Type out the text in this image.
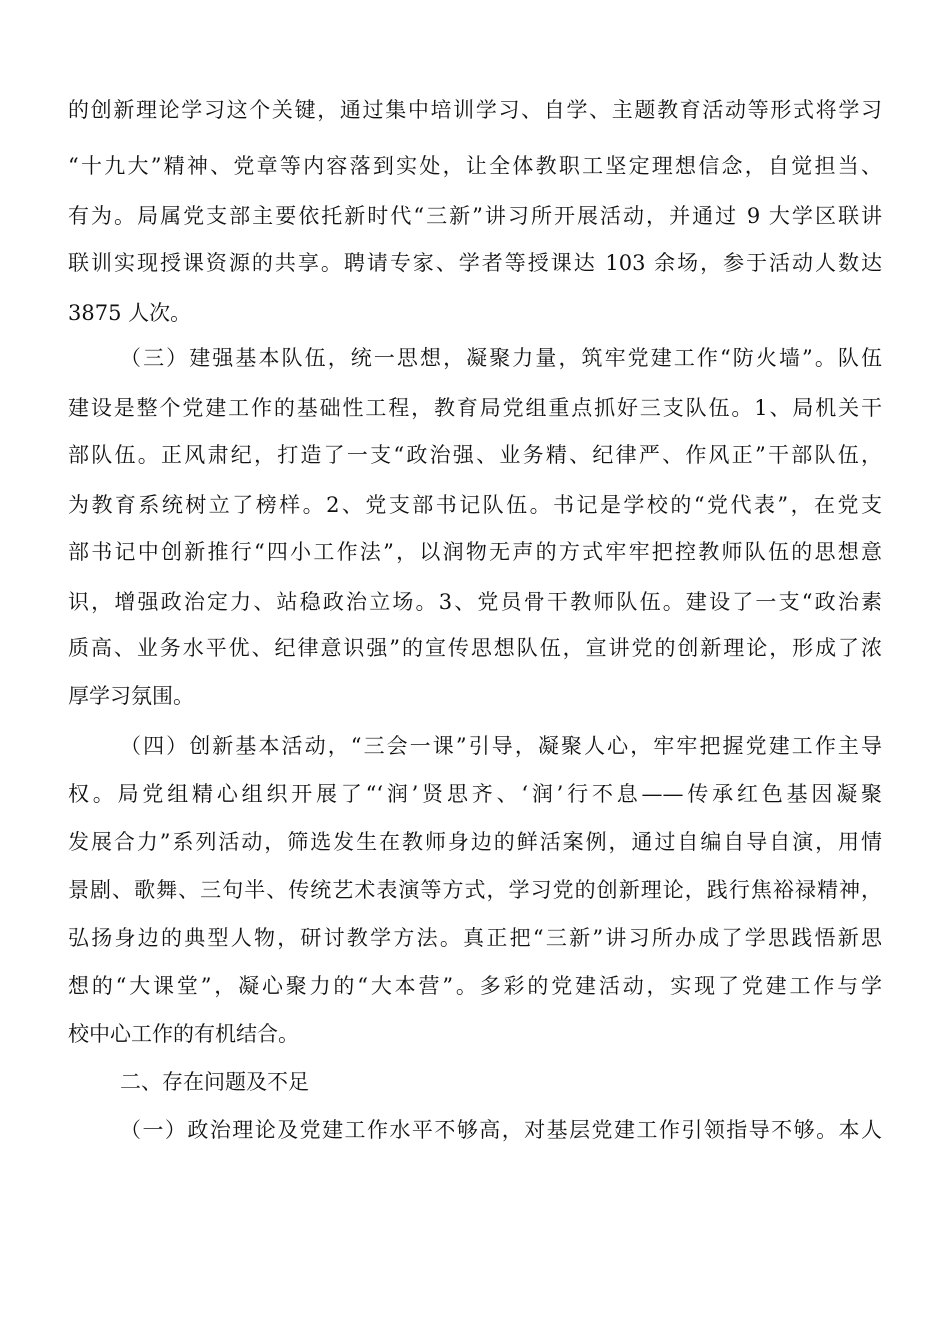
的创新理论学习这个关键，通过集中培训学习、自学、主题教育活动等形式将学习
“十九大”精神、党章等内容落到实处，让全体教职工坚定理想信念，自觉担当、
有为。局属党支部主要依托新时代“三新”讲习所开展活动，并通过 9 大学区联讲
联训实现授课资源的共享。聘请专家、学者等授课达 103 余场，参于活动人数达
3875 人次。
（三）建强基本队伍，统一思想，凝聚力量，筑牢党建工作“防火墙”。队伍
建设是整个党建工作的基础性工程，教育局党组重点抓好三支队伍。1、局机关干
部队伍。正风肃纪，打造了一支“政治强、业务精、纪律严、作风正”干部队伍，
为教育系统树立了榜样。2、党支部书记队伍。书记是学校的“党代表”，在党支
部书记中创新推行“四小工作法”，以润物无声的方式牢牢把控教师队伍的思想意
识，增强政治定力、站稳政治立场。3、党员骨干教师队伍。建设了一支“政治素
质高、业务水平优、纪律意识强”的宣传思想队伍，宣讲党的创新理论，形成了浓
厚学习氛围。
（四）创新基本活动，“三会一课”引导，凝聚人心，牢牢把握党建工作主导
权。局党组精心组织开展了“‘润’贤思齐、‘润’行不息——传承红色基因凝聚
发展合力”系列活动，筛选发生在教师身边的鲜活案例，通过自编自导自演，用情
景剧、歌舞、三句半、传统艺术表演等方式，学习党的创新理论，践行焦裕禄精神，
弘扬身边的典型人物，研讨教学方法。真正把“三新”讲习所办成了学思践悟新思
想的“大课堂”，凝心聚力的“大本营”。多彩的党建活动，实现了党建工作与学
校中心工作的有机结合。
二、存在问题及不足
（一）政治理论及党建工作水平不够高，对基层党建工作引领指导不够。本人
